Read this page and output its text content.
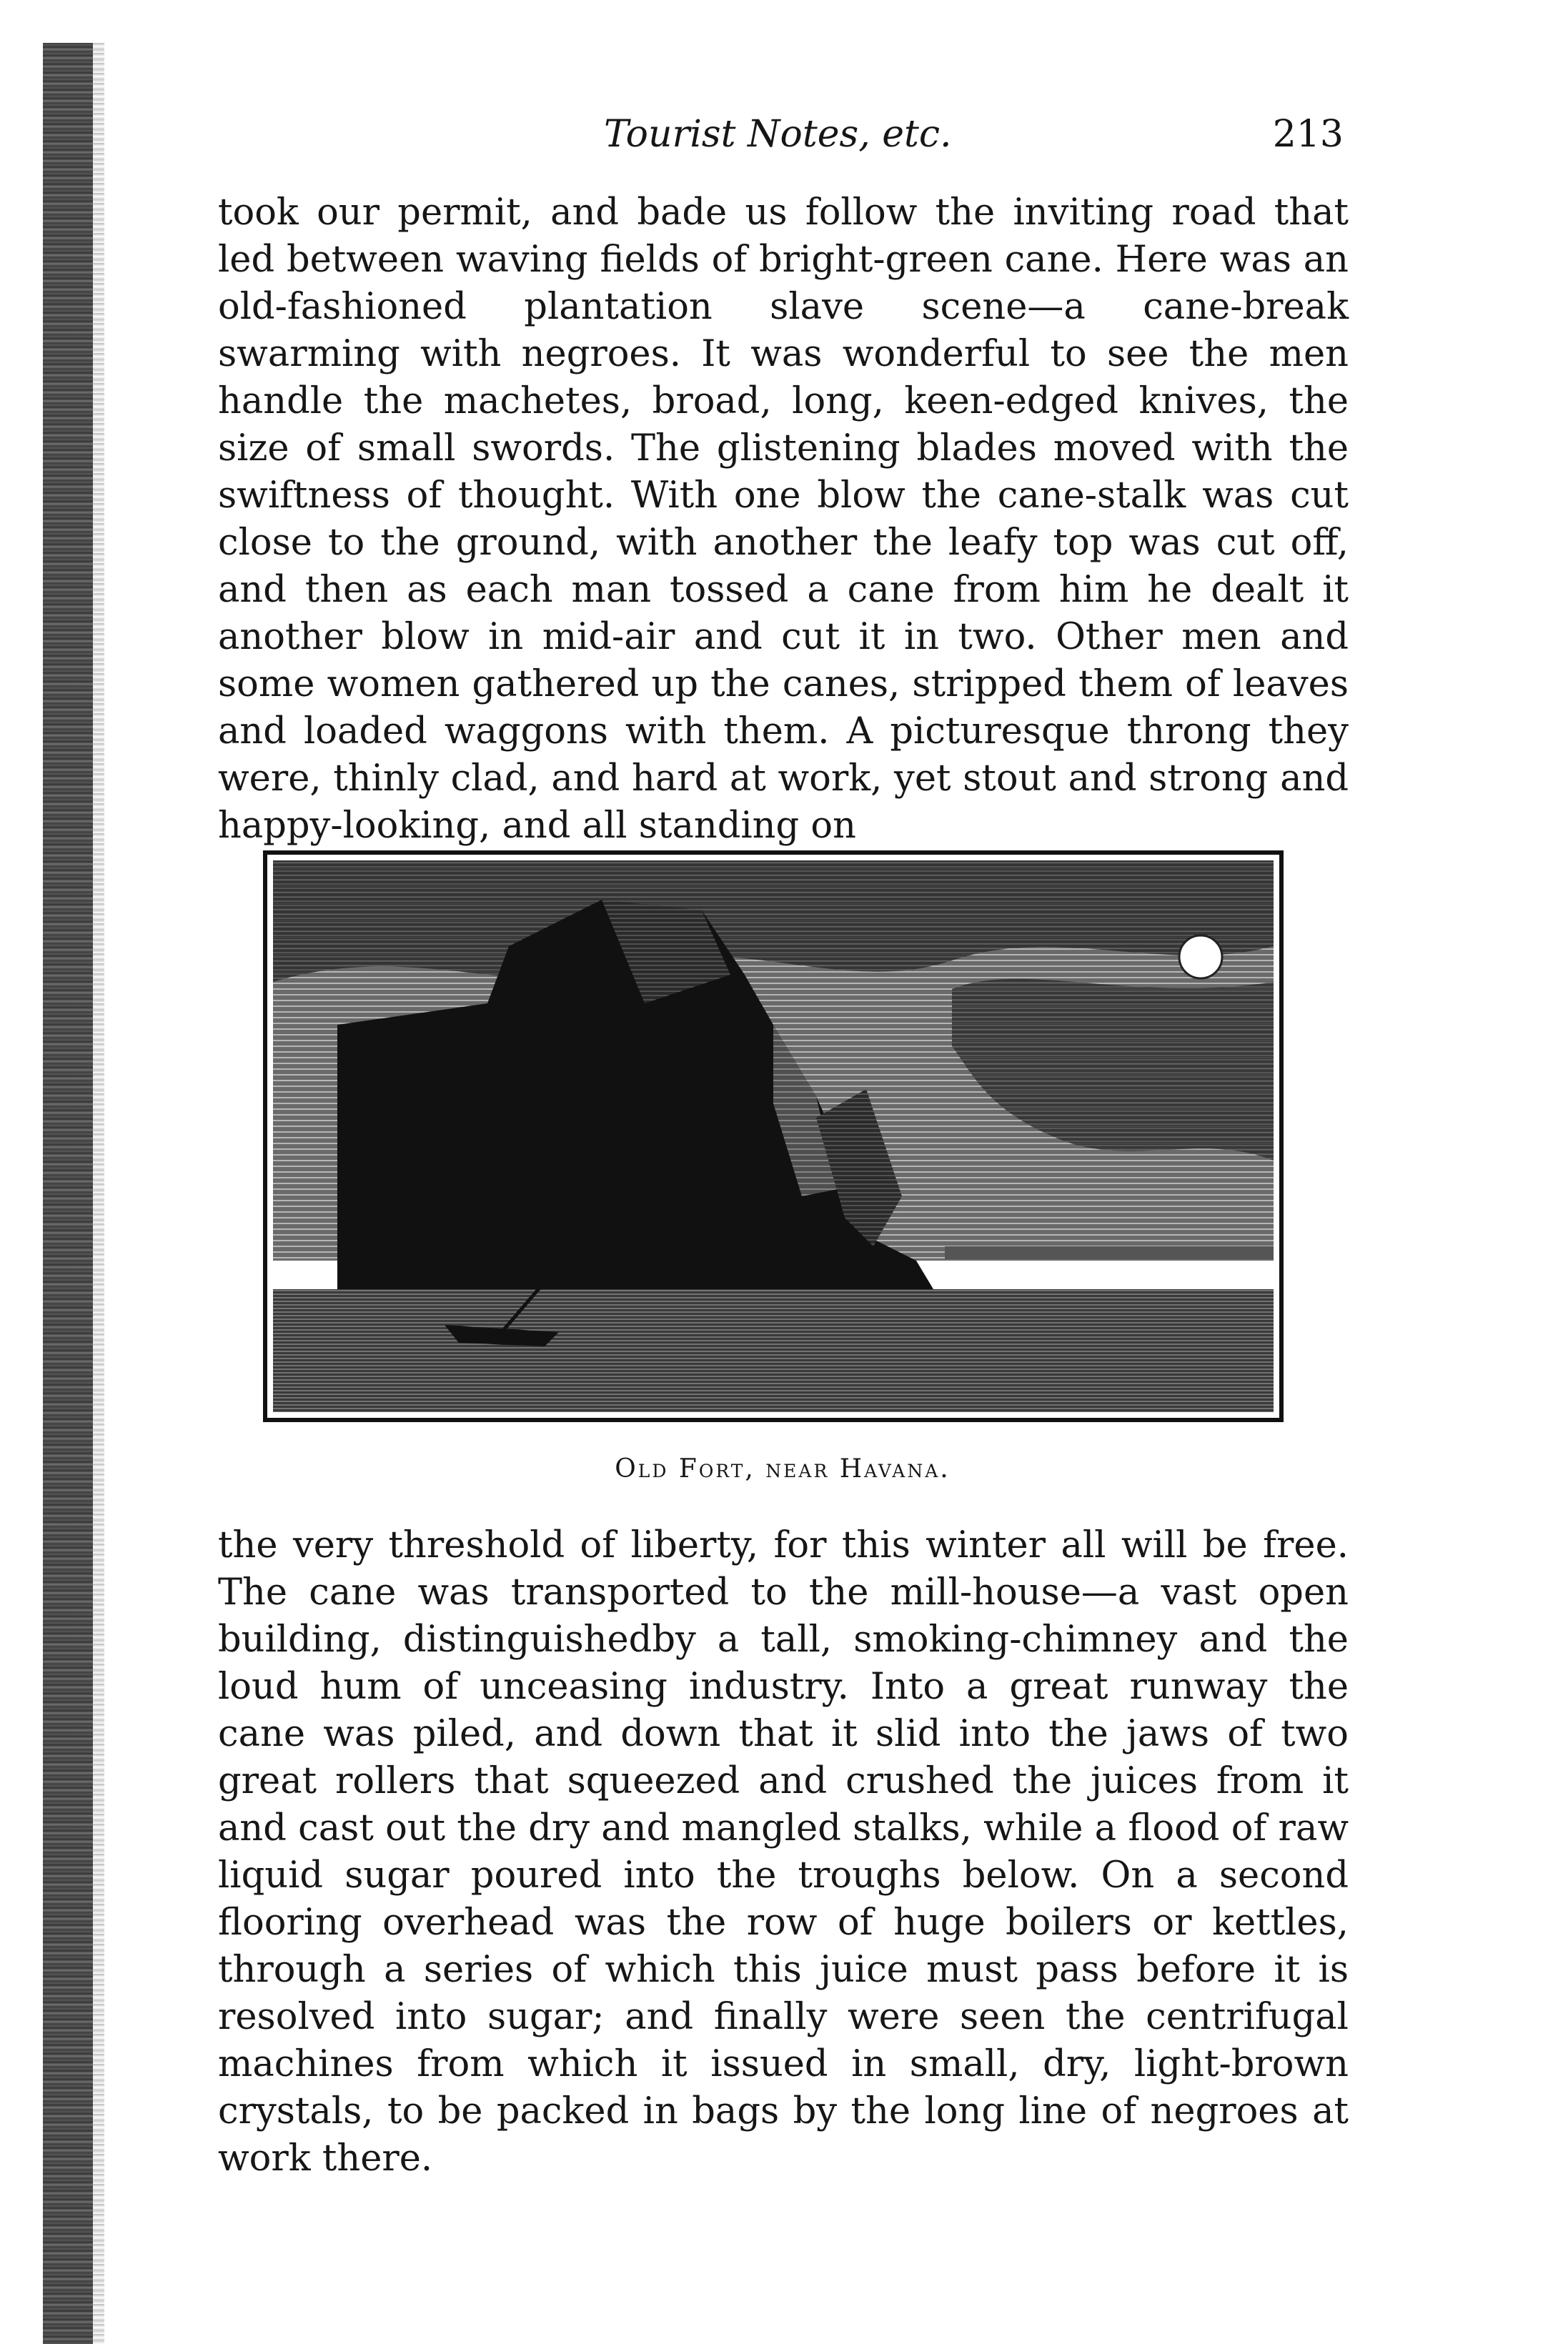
Tourist Notes, etc.	213

took our permit, and bade us follow the inviting road that led between waving fields of bright-green cane. Here was an old-fashioned plantation slave scene—a cane-break swarming with negroes. It was wonderful to see the men handle the machetes, broad, long, keen-edged knives, the size of small swords. The glistening blades moved with the swiftness of thought. With one blow the cane-stalk was cut close to the ground, with another the leafy top was cut off, and then as each man tossed a cane from him he dealt it another blow in mid-air and cut it in two. Other men and some women gathered up the canes, stripped them of leaves and loaded waggons with them. A picturesque throng they were, thinly clad, and hard at work, yet stout and strong and happy-looking, and all standing on

Old Fort, near Havana.

the very threshold of liberty, for this winter all will be free. The cane was transported to the mill-house—a vast open building, distinguishedby a tall, smoking-chimney and the loud hum of unceasing industry. Into a great runway the cane was piled, and down that it slid into the jaws of two great rollers that squeezed and crushed the juices from it and cast out the dry and mangled stalks, while a flood of raw liquid sugar poured into the troughs below. On a second flooring overhead was the row of huge boilers or kettles, through a series of which this juice must pass before it is resolved into sugar; and finally were seen the centrifugal machines from which it issued in small, dry, light-brown crystals, to be packed in bags by the long line of negroes at work there.
